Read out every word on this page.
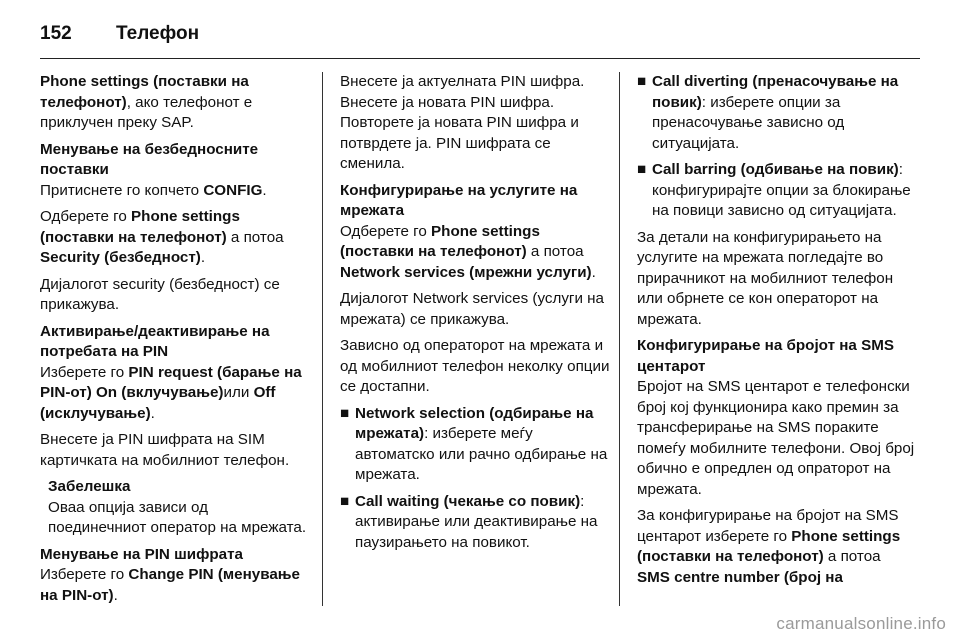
152	Телефон

Phone settings (поставки на телефонот), ако телефонот е приклучен преку SAP.

Менување на безбедносните поставки

Притиснете го копчето CONFIG.

Одберете го Phone settings (поставки на телефонот) а потоа Security (безбедност).

Дијалогот security (безбедност) се прикажува.

Активирање/деактивирање на потребата на PIN

Изберете го PIN request (барање на PIN-от) On (вклучување)или Off (исклучување).

Внесете ја PIN шифрата на SIM картичката на мобилниот телефон.

Забелешка
Оваа опција зависи од поединечниот оператор на мрежата.
Менување на PIN шифрата

Изберете го Change PIN (менување на PIN-от).

Внесете ја актуелната PIN шифра. Внесете ја новата PIN шифра. Повторете ја новата PIN шифра и потврдете ја. PIN шифрата се сменила.

Конфигурирање на услугите на мрежата

Одберете го Phone settings (поставки на телефонот) а потоа Network services (мрежни услуги).

Дијалогот Network services (услуги на мрежата) се прикажува.

Зависно од операторот на мрежата и од мобилниот телефон неколку опции се достапни.

■ Network selection (одбирање на мрежата): изберете меѓу автоматско или рачно одбирање на мрежата.
■ Call waiting (чекање со повик): активирање или деактивирање на паузирањето на повикот.
■ Call diverting (пренасочување на повик): изберете опции за пренасочување зависно од ситуацијата.
■ Call barring (одбивање на повик): конфигурирајте опции за блокирање на повици зависно од ситуацијата.

За детали на конфигурирањето на услугите на мрежата погледајте во прирачникот на мобилниот телефон или обрнете се кон операторот на мрежата.

Конфигурирање на бројот на SMS центарот

Бројот на SMS центарот е телефонски број кој функционира како премин за трансферирање на SMS пораките помеѓу мобилните телефони. Овој број обично е опредлен од опраторот на мрежата.

За конфигурирање на бројот на SMS центарот изберете го Phone settings (поставки на телефонот) а потоа SMS centre number (број на

carmanualsonline.info
